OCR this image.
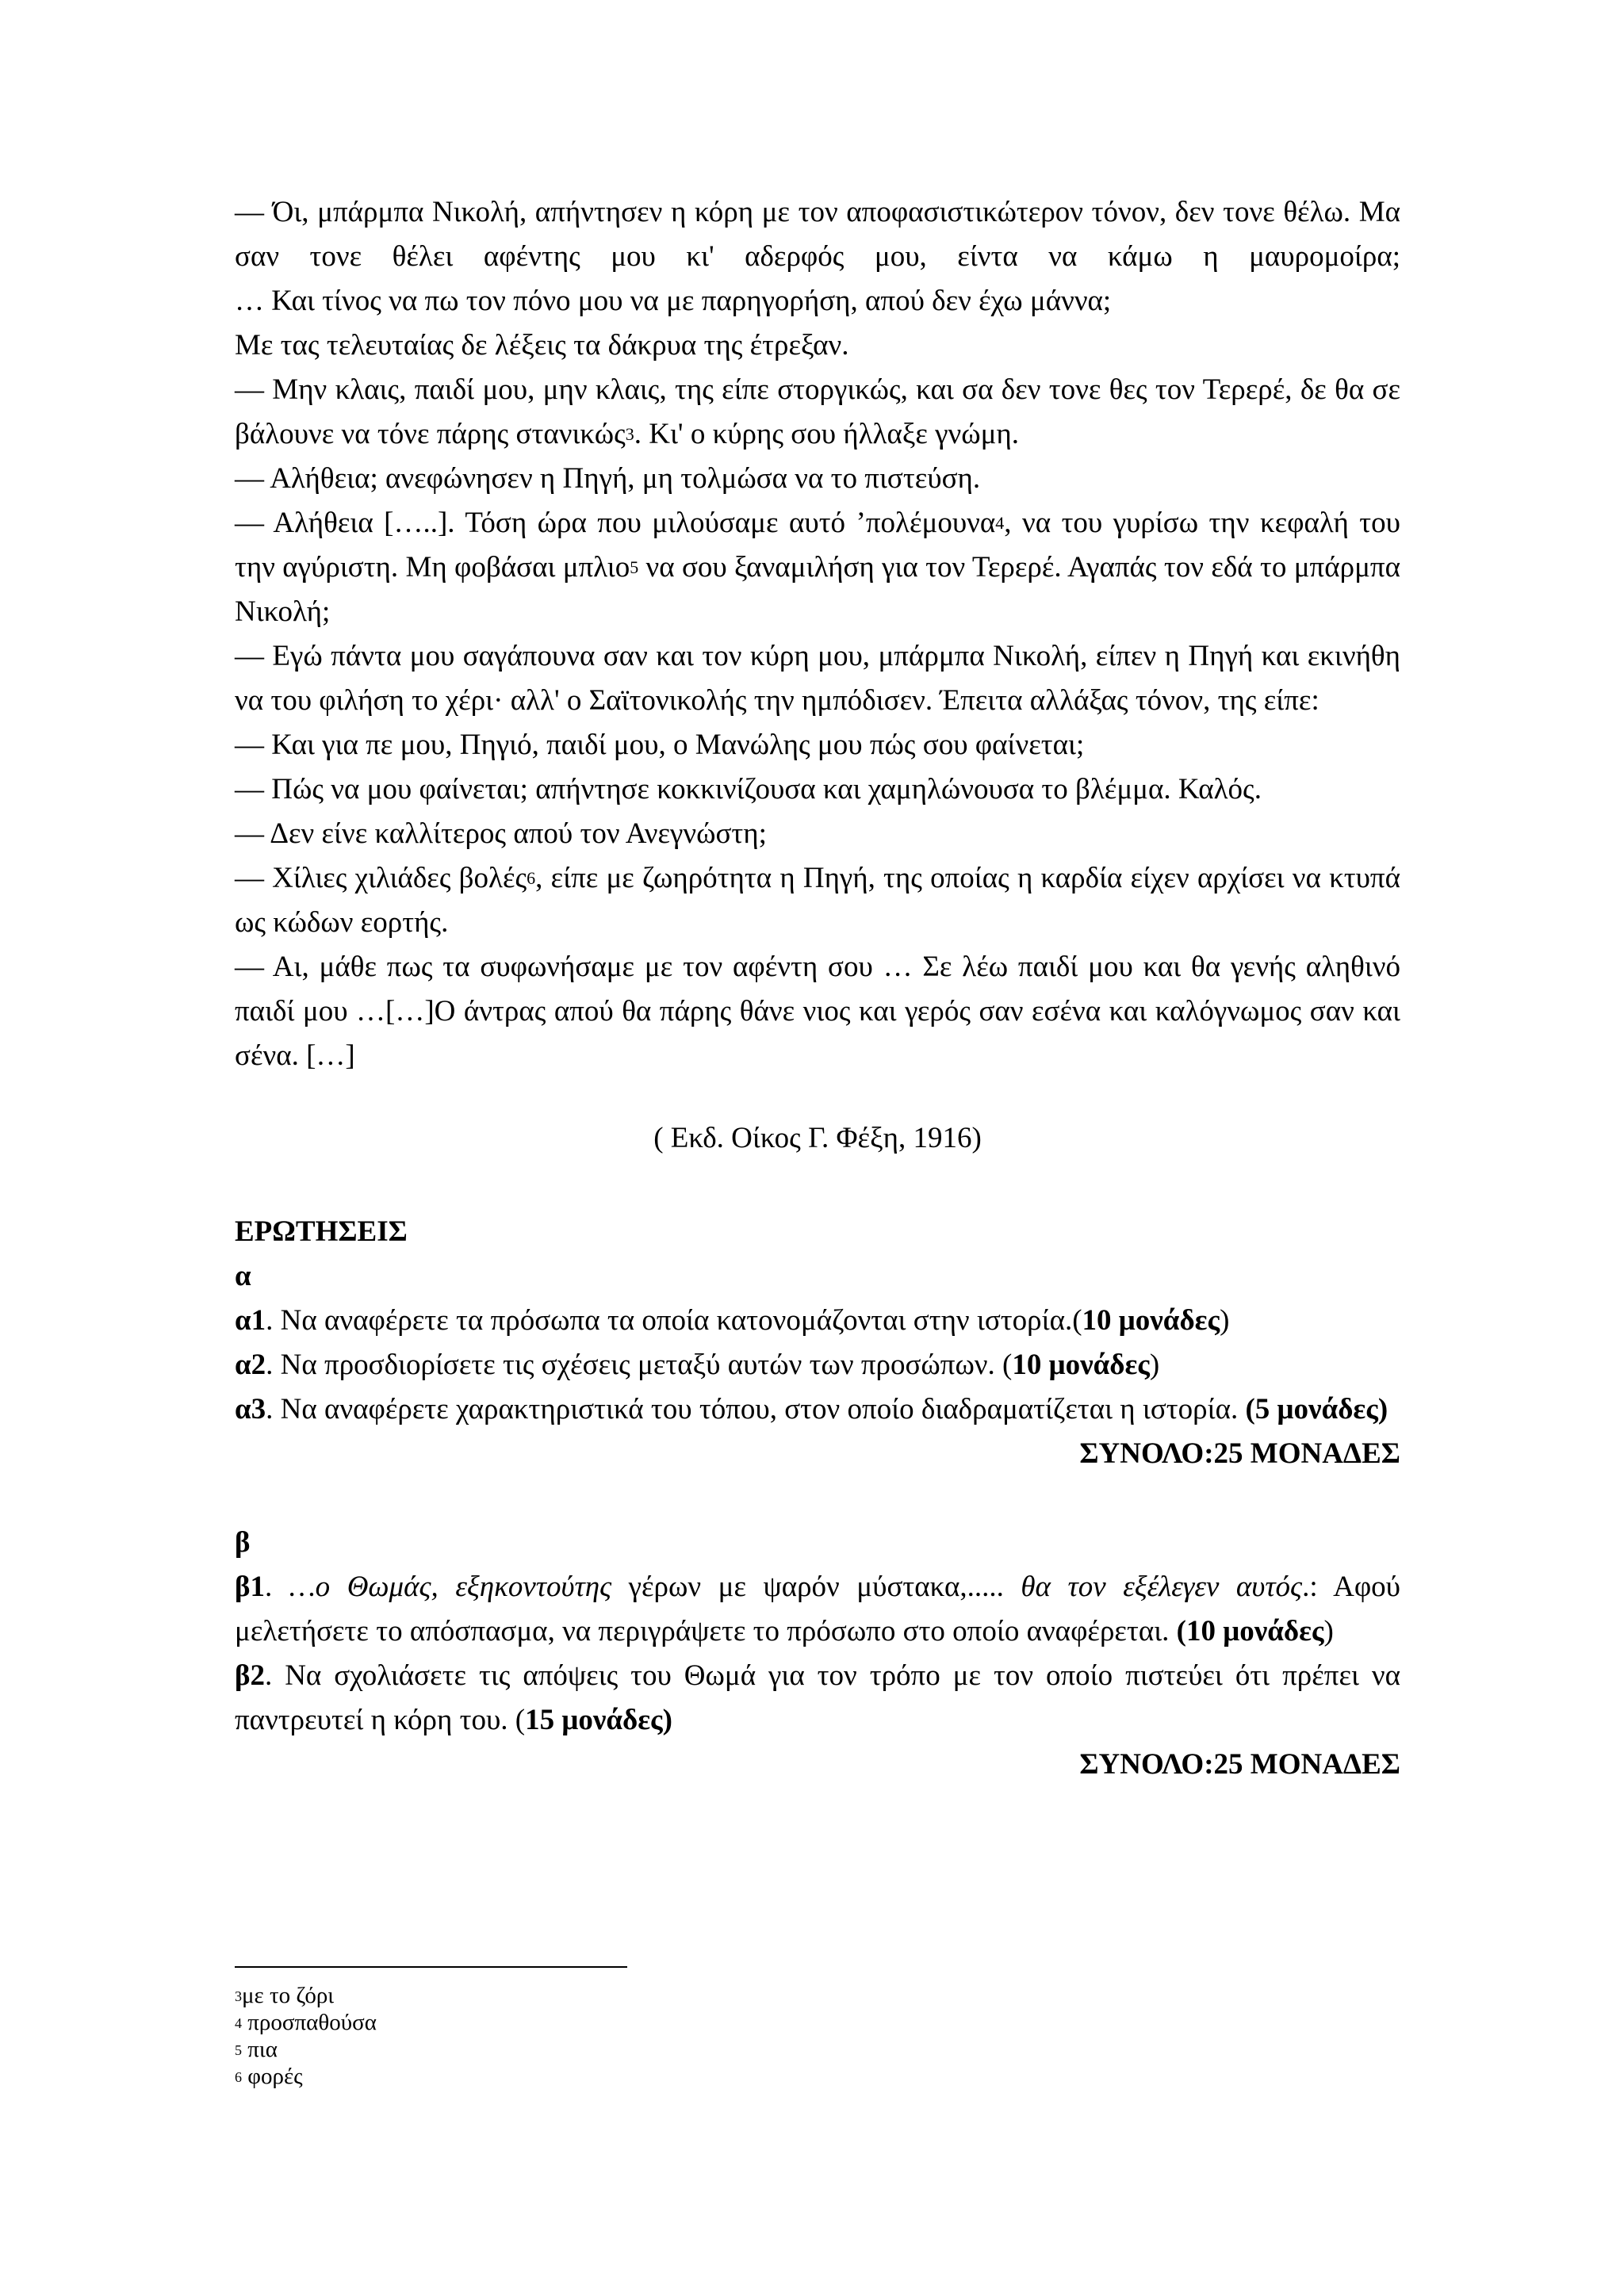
— Όι, μπάρμπα Νικολή, απήντησεν η κόρη με τον αποφασιστικώτερον τόνον, δεν τονε θέλω. Μα σαν τονε θέλει αφέντης μου κι' αδερφός μου, είντα να κάμω η μαυρομοίρα;

… Και τίνος να πω τον πόνο μου να με παρηγορήση, απού δεν έχω μάννα;

Με τας τελευταίας δε λέξεις τα δάκρυα της έτρεξαν.

— Μην κλαις, παιδί μου, μην κλαις, της είπε στοργικώς, και σα δεν τονε θες τον Τερερέ, δε θα σε βάλουνε να τόνε πάρης στανικώς$^3$. Κι' ο κύρης σου ήλλαξε γνώμη.

— Αλήθεια; ανεφώνησεν η Πηγή, μη τολμώσα να το πιστεύση.

— Αλήθεια […..]. Τόση ώρα που μιλούσαμε αυτό ’πολέμουνα$^4$, να του γυρίσω την κεφαλή του την αγύριστη. Μη φοβάσαι μπλιο$^5$ να σου ξαναμιλήση για τον Τερερέ. Αγαπάς τον εδά το μπάρμπα Νικολή;

— Εγώ πάντα μου σαγάπουνα σαν και τον κύρη μου, μπάρμπα Νικολή, είπεν η Πηγή και εκινήθη να του φιλήση το χέρι· αλλ' ο Σαϊτονικολής την ημπόδισεν. Έπειτα αλλάξας τόνον, της είπε:

— Και για πε μου, Πηγιό, παιδί μου, ο Μανώλης μου πώς σου φαίνεται;

— Πώς να μου φαίνεται; απήντησε κοκκινίζουσα και χαμηλώνουσα το βλέμμα. Καλός.

— Δεν είνε καλλίτερος απού τον Ανεγνώστη;

— Χίλιες χιλιάδες βολές$^6$, είπε με ζωηρότητα η Πηγή, της οποίας η καρδία είχεν αρχίσει να κτυπά ως κώδων εορτής.

— Αι, μάθε πως τα συφωνήσαμε με τον αφέντη σου … Σε λέω παιδί μου και θα γενής αληθινό παιδί μου …[…]Ο άντρας απού θα πάρης θάνε νιος και γερός σαν εσένα και καλόγνωμος σαν και σένα. […]

( Εκδ. Οίκος Γ. Φέξη, 1916)

ΕΡΩΤΗΣΕΙΣ

α

α1. Να αναφέρετε τα πρόσωπα τα οποία κατονομάζονται στην ιστορία.(10 μονάδες)

α2. Να προσδιορίσετε τις σχέσεις μεταξύ αυτών των προσώπων. (10 μονάδες)

α3. Να αναφέρετε χαρακτηριστικά του τόπου, στον οποίο διαδραματίζεται η ιστορία. (5 μονάδες)

ΣΥΝΟΛΟ:25 ΜΟΝΑΔΕΣ

β

β1. …ο Θωμάς, εξηκοντούτης γέρων με ψαρόν μύστακα,..... θα τον εξέλεγεν αυτός.: Αφού μελετήσετε το απόσπασμα, να περιγράψετε το πρόσωπο στο οποίο αναφέρεται. (10 μονάδες)

β2. Να σχολιάσετε τις απόψεις του Θωμά για τον τρόπο με τον οποίο πιστεύει ότι πρέπει να παντρευτεί η κόρη του. (15 μονάδες)

ΣΥΝΟΛΟ:25 ΜΟΝΑΔΕΣ

$^3$με το ζόρι

$^4$ προσπαθούσα

$^5$ πια

$^6$ φορές
